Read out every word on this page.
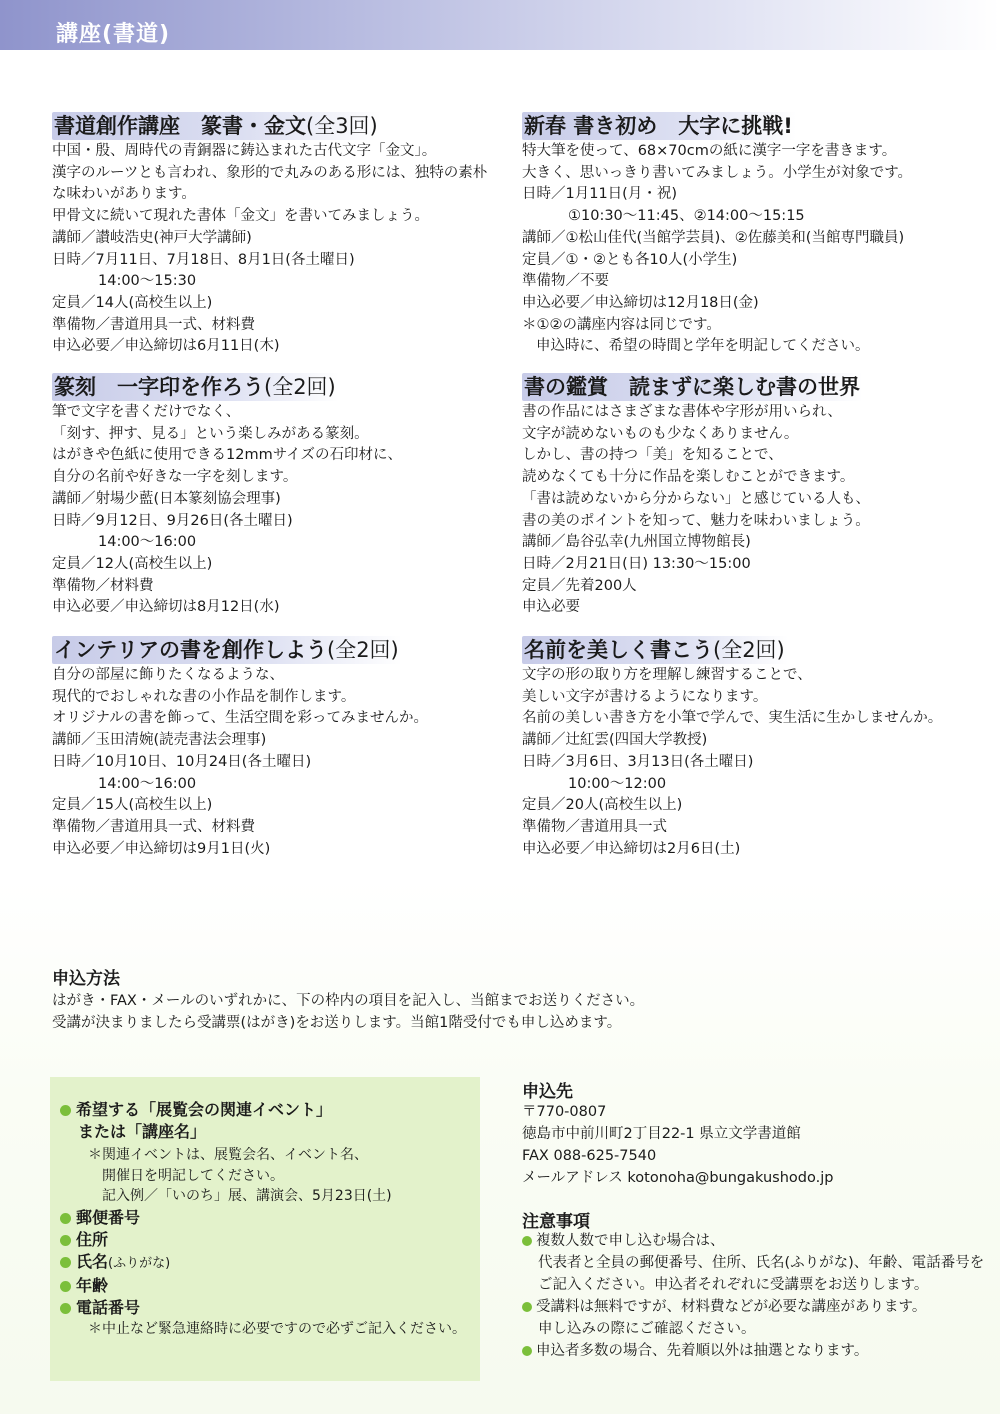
講座(書道)
書道創作講座　篆書・金文(全3回)
中国・殷、周時代の青銅器に鋳込まれた古代文字「金文」。
漢字のルーツとも言われ、象形的で丸みのある形には、独特の素朴
な味わいがあります。
甲骨文に続いて現れた書体「金文」を書いてみましょう。
講師／讃岐浩史(神戸大学講師)
日時／7月11日、7月18日、8月1日(各土曜日)
14:00〜15:30
定員／14人(高校生以上)
準備物／書道用具一式、材料費
申込必要／申込締切は6月11日(木)
篆刻　一字印を作ろう(全2回)
筆で文字を書くだけでなく、
「刻す、押す、見る」という楽しみがある篆刻。
はがきや色紙に使用できる12mmサイズの石印材に、
自分の名前や好きな一字を刻します。
講師／射場少藍(日本篆刻協会理事)
日時／9月12日、9月26日(各土曜日)
14:00〜16:00
定員／12人(高校生以上)
準備物／材料費
申込必要／申込締切は8月12日(水)
インテリアの書を創作しよう(全2回)
自分の部屋に飾りたくなるような、
現代的でおしゃれな書の小作品を制作します。
オリジナルの書を飾って、生活空間を彩ってみませんか。
講師／玉田清婉(読売書法会理事)
日時／10月10日、10月24日(各土曜日)
14:00〜16:00
定員／15人(高校生以上)
準備物／書道用具一式、材料費
申込必要／申込締切は9月1日(火)
新春 書き初め　大字に挑戦!
特大筆を使って、68×70cmの紙に漢字一字を書きます。
大きく、思いっきり書いてみましょう。小学生が対象です。
日時／1月11日(月・祝)
①10:30〜11:45、②14:00〜15:15
講師／①松山佳代(当館学芸員)、②佐藤美和(当館専門職員)
定員／①・②とも各10人(小学生)
準備物／不要
申込必要／申込締切は12月18日(金)
＊①②の講座内容は同じです。
申込時に、希望の時間と学年を明記してください。
書の鑑賞　読まずに楽しむ書の世界
書の作品にはさまざまな書体や字形が用いられ、
文字が読めないものも少なくありません。
しかし、書の持つ「美」を知ることで、
読めなくても十分に作品を楽しむことができます。
「書は読めないから分からない」と感じている人も、
書の美のポイントを知って、魅力を味わいましょう。
講師／島谷弘幸(九州国立博物館長)
日時／2月21日(日) 13:30〜15:00
定員／先着200人
申込必要
名前を美しく書こう(全2回)
文字の形の取り方を理解し練習することで、
美しい文字が書けるようになります。
名前の美しい書き方を小筆で学んで、実生活に生かしませんか。
講師／辻紅雲(四国大学教授)
日時／3月6日、3月13日(各土曜日)
10:00〜12:00
定員／20人(高校生以上)
準備物／書道用具一式
申込必要／申込締切は2月6日(土)
申込方法
はがき・FAX・メールのいずれかに、下の枠内の項目を記入し、当館までお送りください。
受講が決まりましたら受講票(はがき)をお送りします。当館1階受付でも申し込めます。
希望する「展覧会の関連イベント」
または「講座名」
＊関連イベントは、展覧会名、イベント名、
開催日を明記してください。
記入例／「いのち」展、講演会、5月23日(土)
郵便番号
住所
氏名(ふりがな)
年齢
電話番号
＊中止など緊急連絡時に必要ですので必ずご記入ください。
申込先
〒770-0807
徳島市中前川町2丁目22-1 県立文学書道館
FAX 088-625-7540
メールアドレス kotonoha@bungakushodo.jp
注意事項
複数人数で申し込む場合は、
代表者と全員の郵便番号、住所、氏名(ふりがな)、年齢、電話番号を
ご記入ください。申込者それぞれに受講票をお送りします。
受講料は無料ですが、材料費などが必要な講座があります。
申し込みの際にご確認ください。
申込者多数の場合、先着順以外は抽選となります。
